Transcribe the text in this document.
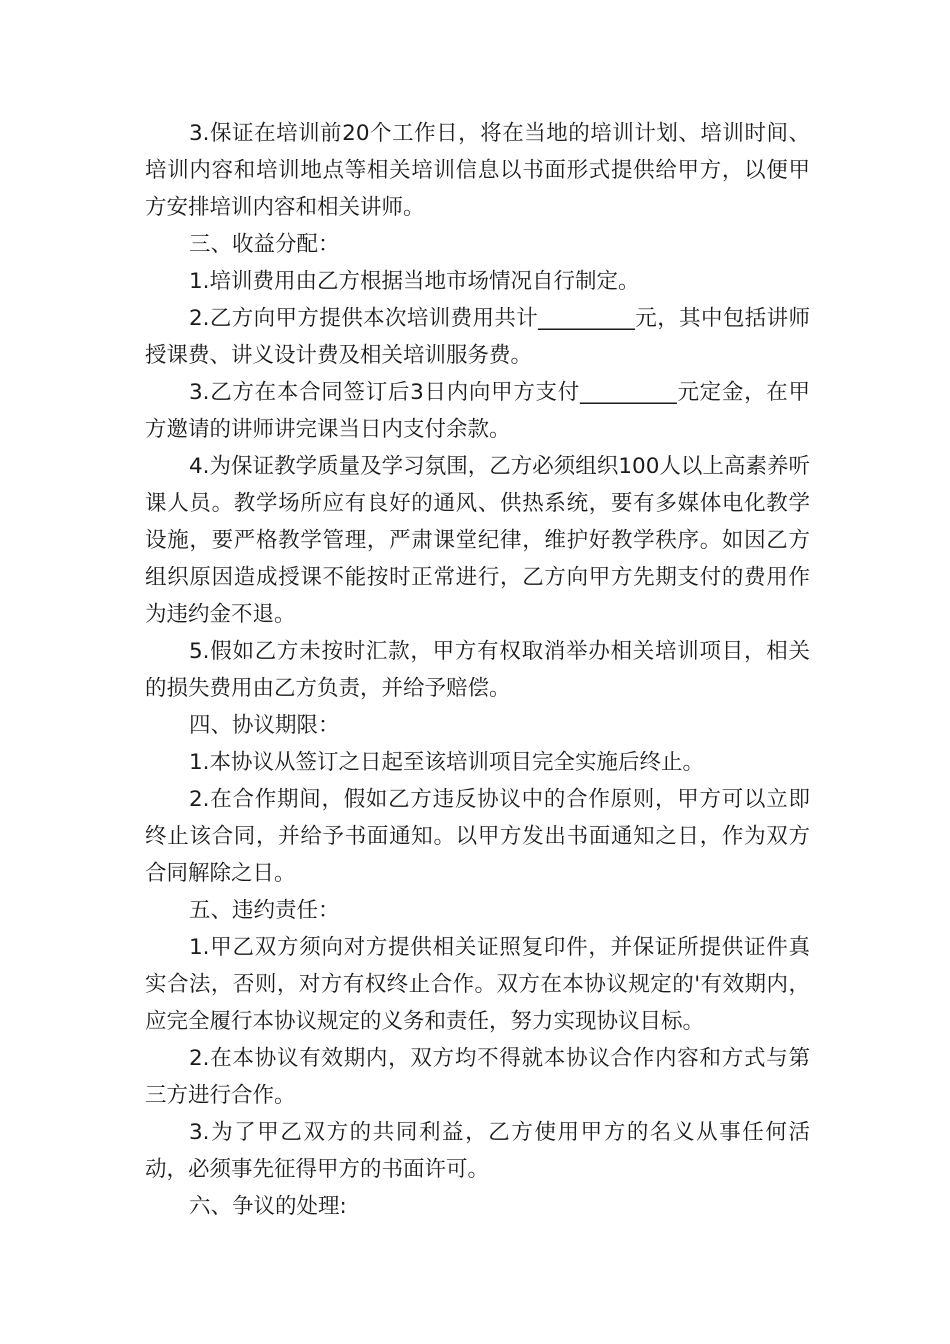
3.保证在培训前20个工作日，将在当地的培训计划、培训时间、培训内容和培训地点等相关培训信息以书面形式提供给甲方，以便甲方安排培训内容和相关讲师。

三、收益分配：

1.培训费用由乙方根据当地市场情况自行制定。

2.乙方向甲方提供本次培训费用共计_________元，其中包括讲师授课费、讲义设计费及相关培训服务费。

3.乙方在本合同签订后3日内向甲方支付_________元定金，在甲方邀请的讲师讲完课当日内支付余款。

4.为保证教学质量及学习氛围，乙方必须组织100人以上高素养听课人员。教学场所应有良好的通风、供热系统，要有多媒体电化教学设施，要严格教学管理，严肃课堂纪律，维护好教学秩序。如因乙方组织原因造成授课不能按时正常进行，乙方向甲方先期支付的费用作为违约金不退。

5.假如乙方未按时汇款，甲方有权取消举办相关培训项目，相关的损失费用由乙方负责，并给予赔偿。

四、协议期限：

1.本协议从签订之日起至该培训项目完全实施后终止。

2.在合作期间，假如乙方违反协议中的合作原则，甲方可以立即终止该合同，并给予书面通知。以甲方发出书面通知之日，作为双方合同解除之日。

五、违约责任：

1.甲乙双方须向对方提供相关证照复印件，并保证所提供证件真实合法，否则，对方有权终止合作。双方在本协议规定的'有效期内，应完全履行本协议规定的义务和责任，努力实现协议目标。

2.在本协议有效期内，双方均不得就本协议合作内容和方式与第三方进行合作。

3.为了甲乙双方的共同利益，乙方使用甲方的名义从事任何活动，必须事先征得甲方的书面许可。

六、争议的处理:
